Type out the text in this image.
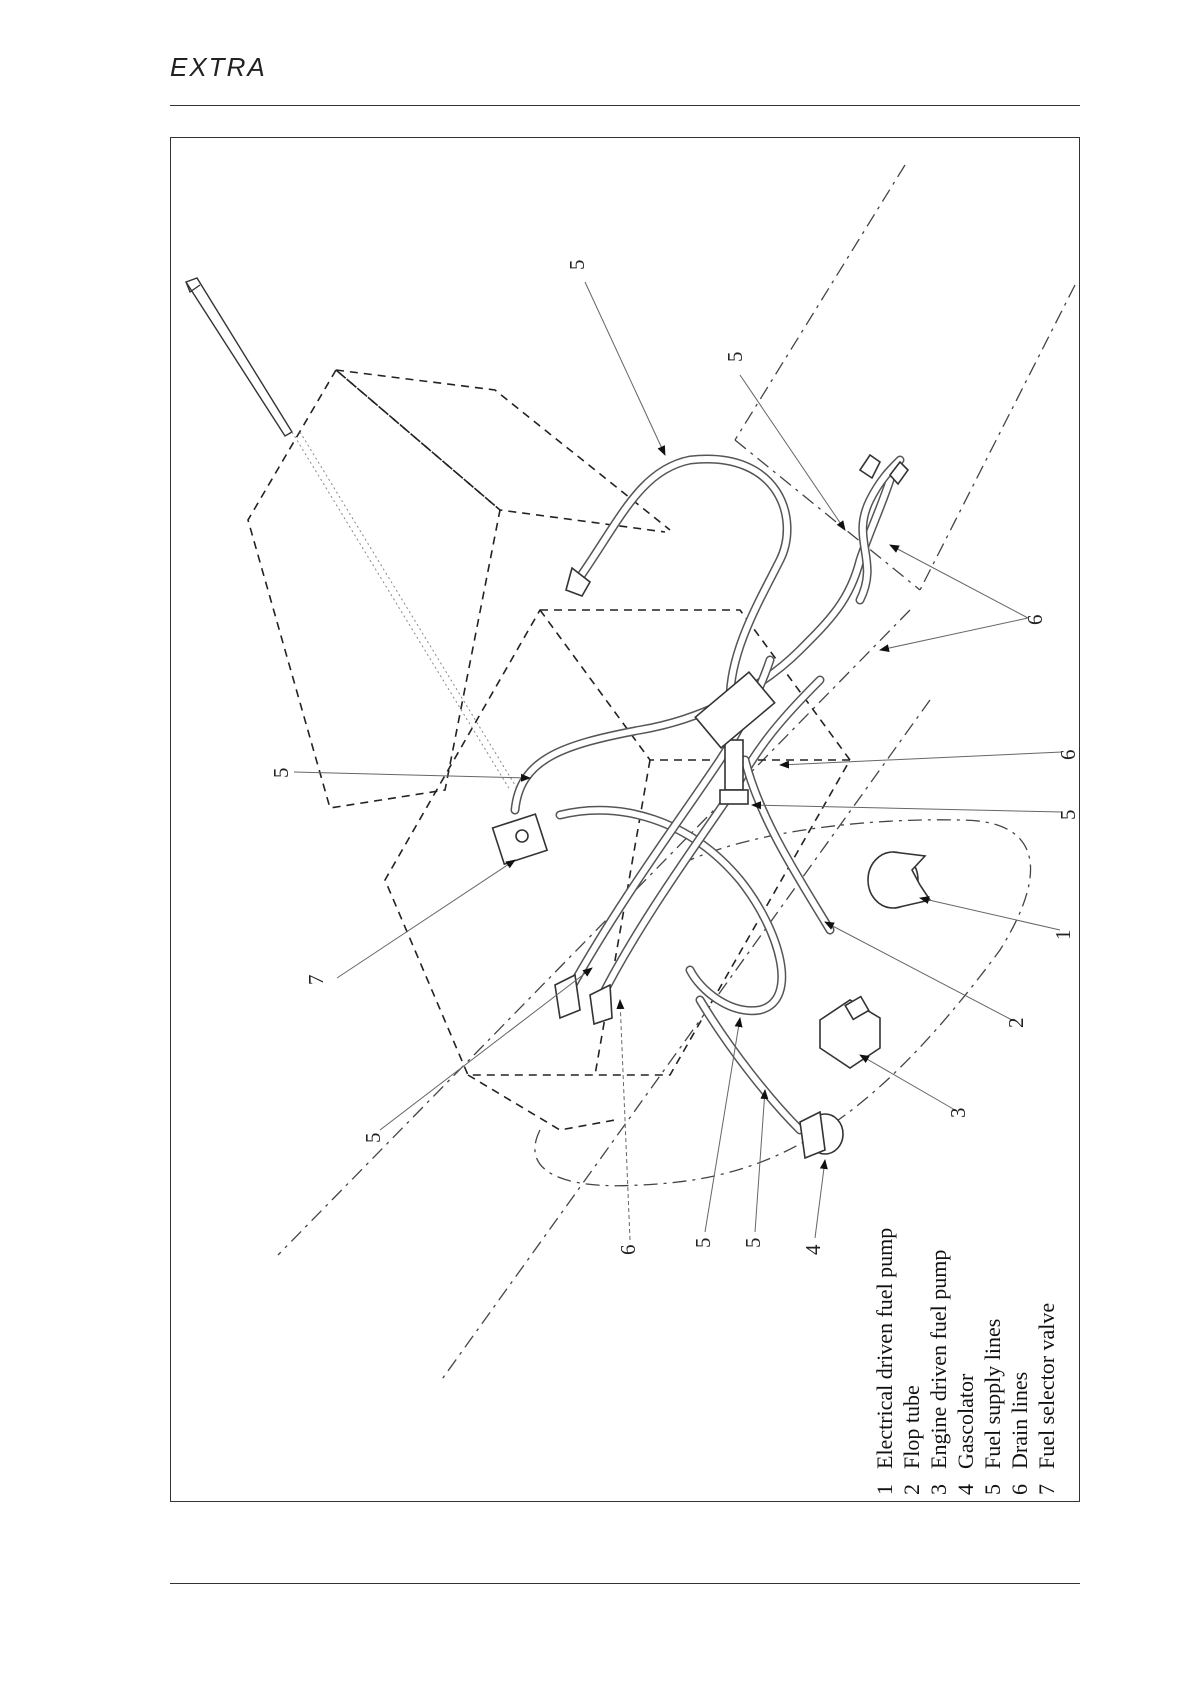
EXTRA
5
5
6
5
6
5
7
1
2
3
5
6
5 5
4
1
Electrical driven fuel pump
2
Flop tube
3
Engine driven fuel pump
4
Gascolator
5
Fuel supply lines
6
Drain lines
7
Fuel selector valve
